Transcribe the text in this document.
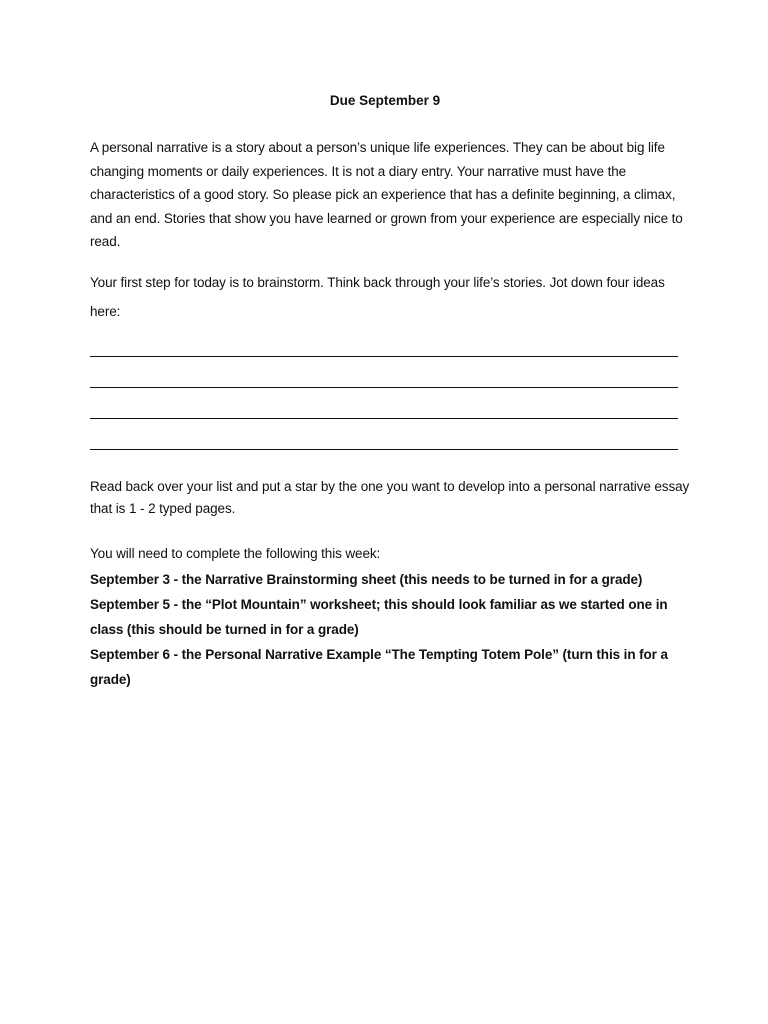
Due September 9
A personal narrative is a story about a person’s unique life experiences. They can be about big life changing moments or daily experiences. It is not a diary entry. Your narrative must have the characteristics of a good story. So please pick an experience that has a definite beginning, a climax, and an end. Stories that show you have learned or grown from your experience are especially nice to read.
Your first step for today is to brainstorm. Think back through your life’s stories. Jot down four ideas here:
Read back over your list and put a star by the one you want to develop into a personal narrative essay that is 1 - 2 typed pages.
You will need to complete the following this week:

September 3 - the Narrative Brainstorming sheet (this needs to be turned in for a grade)

September 5 - the “Plot Mountain” worksheet; this should look familiar as we started one in class (this should be turned in for a grade)

September 6 - the Personal Narrative Example “The Tempting Totem Pole” (turn this in for a grade)
